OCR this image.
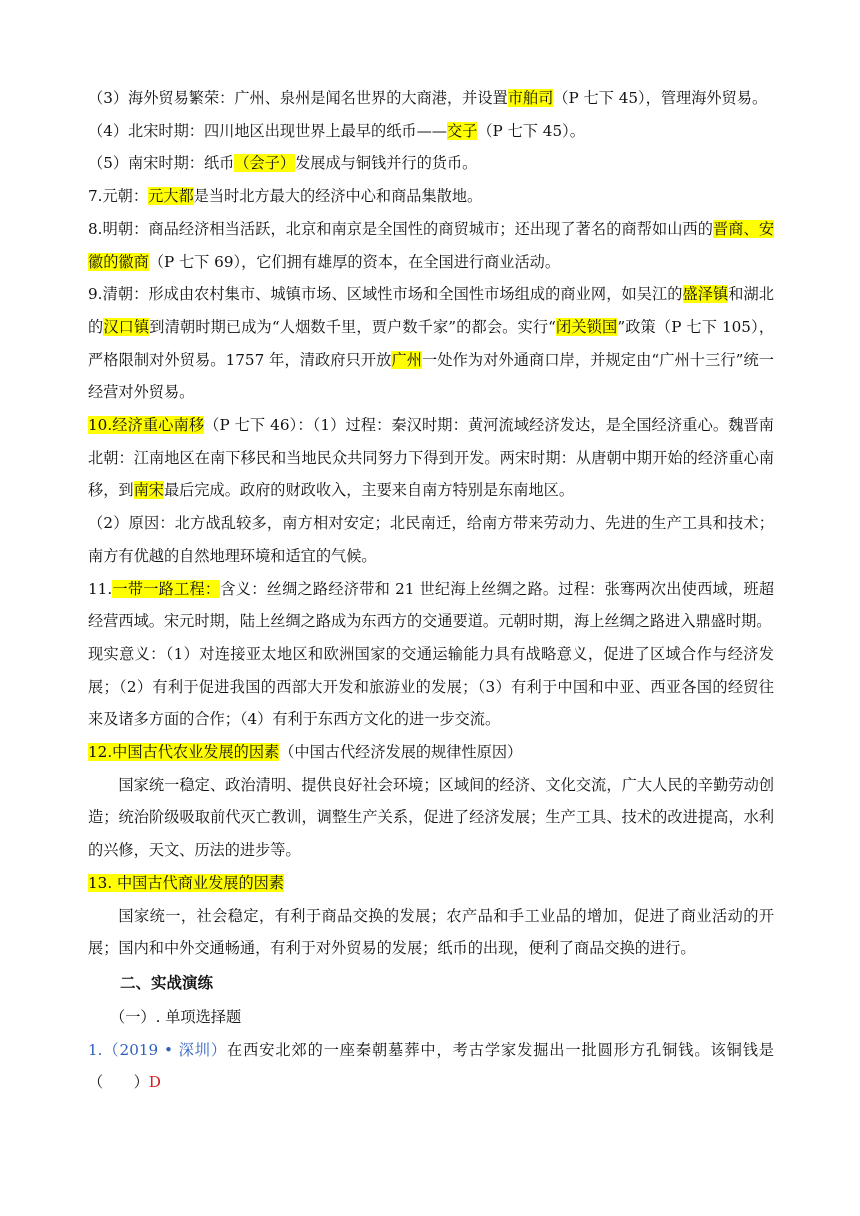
（3）海外贸易繁荣：广州、泉州是闻名世界的大商港，并设置市舶司（P 七下 45），管理海外贸易。

（4）北宋时期：四川地区出现世界上最早的纸币——交子（P 七下 45）。

（5）南宋时期：纸币（会子）发展成与铜钱并行的货币。

7.元朝：元大都是当时北方最大的经济中心和商品集散地。

8.明朝：商品经济相当活跃，北京和南京是全国性的商贸城市；还出现了著名的商帮如山西的晋商、安徽的徽商（P 七下 69），它们拥有雄厚的资本，在全国进行商业活动。

9.清朝：形成由农村集市、城镇市场、区域性市场和全国性市场组成的商业网，如吴江的盛泽镇和湖北的汉口镇到清朝时期已成为“人烟数千里，贾户数千家”的都会。实行“闭关锁国”政策（P 七下 105），严格限制对外贸易。1757 年，清政府只开放广州一处作为对外通商口岸，并规定由“广州十三行”统一经营对外贸易。

10.经济重心南移（P 七下 46）：（1）过程：秦汉时期：黄河流域经济发达，是全国经济重心。魏晋南北朝：江南地区在南下移民和当地民众共同努力下得到开发。两宋时期：从唐朝中期开始的经济重心南移，到南宋最后完成。政府的财政收入，主要来自南方特别是东南地区。

（2）原因：北方战乱较多，南方相对安定；北民南迁，给南方带来劳动力、先进的生产工具和技术；南方有优越的自然地理环境和适宜的气候。

11.一带一路工程：含义：丝绸之路经济带和 21 世纪海上丝绸之路。过程：张骞两次出使西域，班超经营西域。宋元时期，陆上丝绸之路成为东西方的交通要道。元朝时期，海上丝绸之路进入鼎盛时期。

现实意义：（1）对连接亚太地区和欧洲国家的交通运输能力具有战略意义，促进了区域合作与经济发展；（2）有利于促进我国的西部大开发和旅游业的发展；（3）有利于中国和中亚、西亚各国的经贸往来及诸多方面的合作；（4）有利于东西方文化的进一步交流。

12.中国古代农业发展的因素（中国古代经济发展的规律性原因）

国家统一稳定、政治清明、提供良好社会环境；区域间的经济、文化交流，广大人民的辛勤劳动创造；统治阶级吸取前代灭亡教训，调整生产关系，促进了经济发展；生产工具、技术的改进提高，水利的兴修，天文、历法的进步等。

13. 中国古代商业发展的因素

国家统一，社会稳定，有利于商品交换的发展；农产品和手工业品的增加，促进了商业活动的开展；国内和中外交通畅通，有利于对外贸易的发展；纸币的出现，便利了商品交换的进行。

二、实战演练

（一）. 单项选择题

1.（2019 • 深圳）在西安北郊的一座秦朝墓葬中，考古学家发掘出一批圆形方孔铜钱。该铜钱是（　　）D
